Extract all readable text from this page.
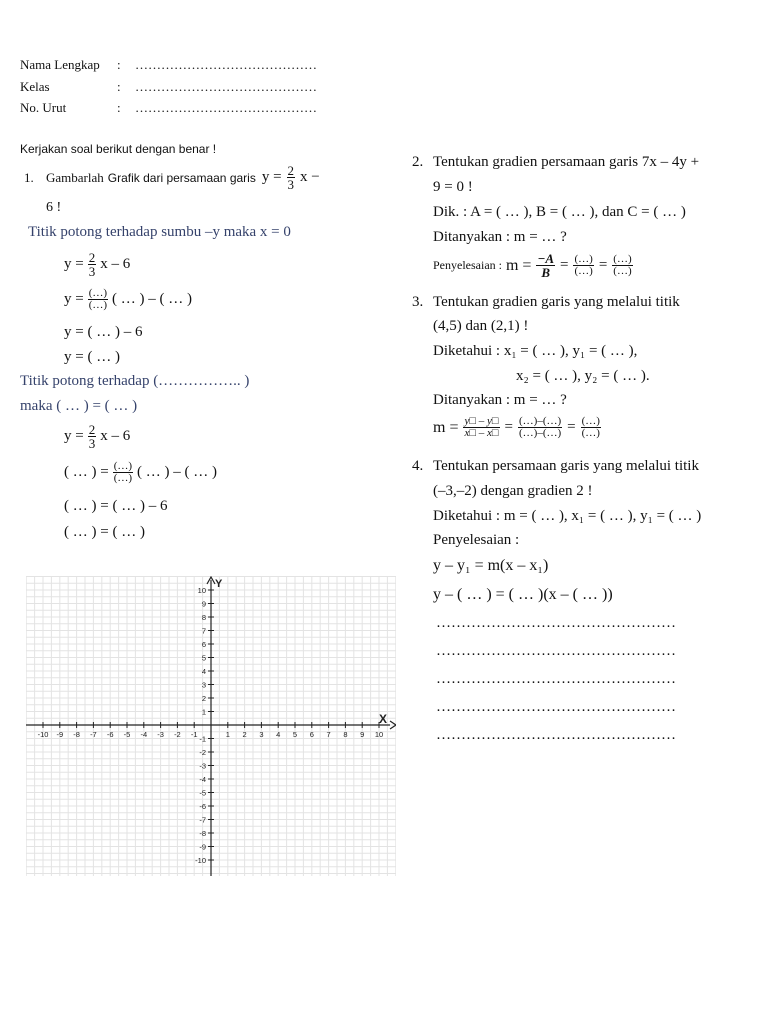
Nama Lengkap : ……………………………………
Kelas	: ……………………………………
No. Urut	: ……………………………………
Kerjakan soal berikut dengan benar !
1. Gambarlah Grafik dari persamaan garis $y = \frac{2}{3}$ x −
6 !
Titik potong terhadap sumbu –y maka x = 0
$y = \frac{2}{3}$ x – 6
$y = \frac{(\dots)}{(\dots)}$ ( … ) – ( … )
y = ( … ) – 6
y = ( … )
Titik potong terhadap (…………….. )
maka ( … ) = ( … )
$y = \frac{2}{3}$ x – 6
( … ) = $\frac{(\dots)}{(\dots)}$ ( … ) – ( … )
( … ) = ( … ) – 6
( … ) = ( … )
-10 -9 -8 -7 -6 -5 -4 -3 -2 -1	1 2 3 4 5 6 7 8 9 10
10
9
8
7
6
5
4
3
2
1
-1
-2
-3
-4
-5
-6
-7
-8
-9
-10
X
Y
2. Tentukan gradien persamaan garis 7x – 4y +
9 = 0 !
Dik. : A = ( … ), B = ( … ), dan C = ( … )
Ditanyakan : m = … ?
Penyelesaian : $m = \frac{-A}{B} = \frac{(\dots)}{(\dots)} = \frac{(\dots)}{(\dots)}$
3. Tentukan gradien garis yang melalui titik
(4,5) dan (2,1) !
Diketahui : x₁ = ( … ), y₁ = ( … ),
x₂ = ( … ), y₂ = ( … ).
Ditanyakan : m = … ?
$m = \frac{y□ - y□}{x□ - x□} = \frac{(\dots)-(\dots)}{(\dots)-(\dots)} = \frac{(\dots)}{(\dots)}$
4. Tentukan persamaan garis yang melalui titik
(–3,–2) dengan gradien 2 !
Diketahui : m = ( … ), x₁ = ( … ), y₁ = ( … )
Penyelesaian :
y – y₁ = m(x – x₁)
y – ( … ) = ( … )(x – ( … ))
…………………………………………
…………………………………………
…………………………………………
…………………………………………
…………………………………………
